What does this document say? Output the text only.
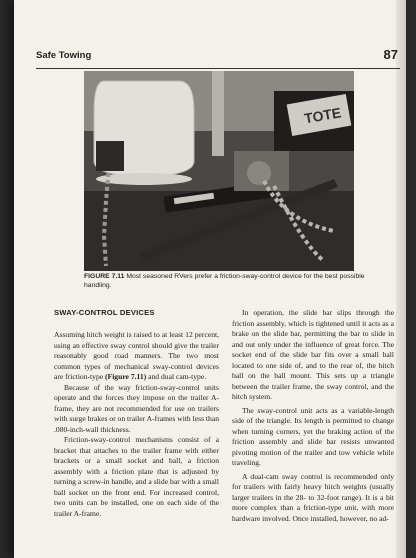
Safe Towing	87
TOTE
FIGURE 7.11 Most seasoned RVers prefer a friction-sway-control device for the best possible handling.
SWAY-CONTROL DEVICES

Assuming hitch weight is raised to at least 12 percent, using an effective sway control should give the trailer reasonably good road manners. The two most common types of mechanical sway-control devices are friction-type (Figure 7.11) and dual cam-type.

Because of the way friction-sway-control units operate and the forces they impose on the trailer A-frame, they are not recommended for use on trailers with surge brakes or on trailer A-frames with less than .080-inch-wall thickness.

Friction-sway-control mechanisms consist of a bracket that attaches to the trailer frame with either brackets or a small socket and ball, a friction assembly with a friction plate that is adjusted by turning a screw-in handle, and a slide bar with a small ball socket on the front end. For increased control, two units can be installed, one on each side of the trailer A-frame.

In operation, the slide bar slips through the friction assembly, which is tightened until it acts as a brake on the slide bar, permitting the bar to slide in and out only under the influence of great force. The socket end of the slide bar fits over a small ball located to one side of, and to the rear of, the hitch ball on the ball mount. This sets up a triangle between the trailer frame, the sway control, and the hitch system.

The sway-control unit acts as a variable-length side of the triangle. Its length is permitted to change when turning corners, yet the braking action of the friction assembly and slide bar resists unwanted pivoting motion of the trailer and tow vehicle while traveling.

A dual-cam sway control is recommended only for trailers with fairly heavy hitch weights (usually larger trailers in the 28- to 32-foot range). It is a bit more complex than a friction-type unit, with more hardware involved. Once installed, however, no ad-
